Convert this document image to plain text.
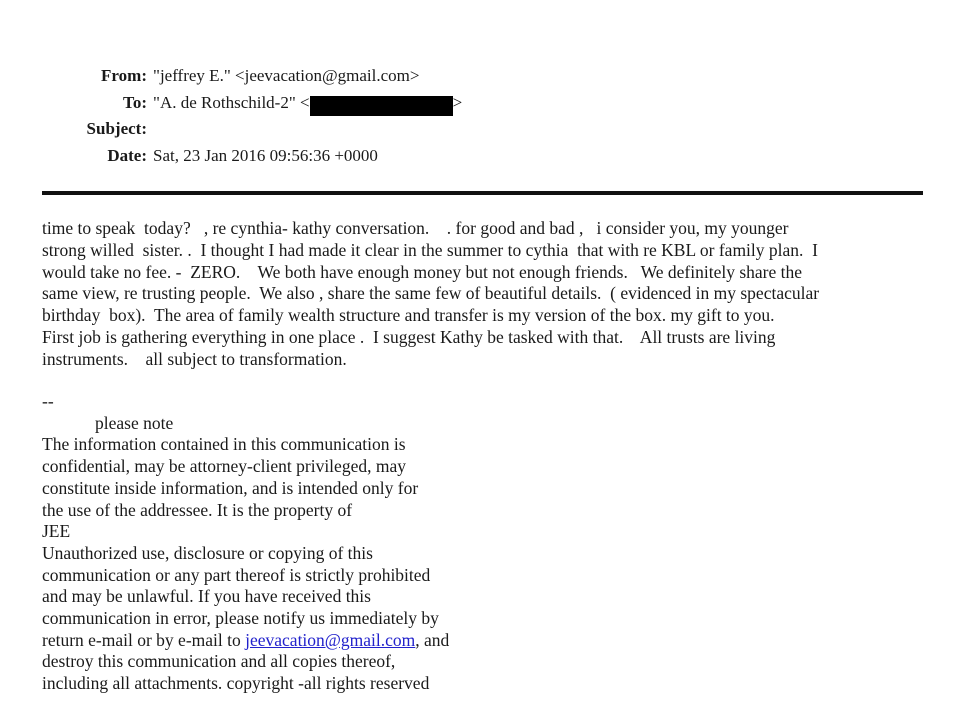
From: "jeffrey E." <jeevacation@gmail.com>
To: "A. de Rothschild-2" <	>
Subject:
Date: Sat, 23 Jan 2016 09:56:36 +0000
time to speak  today?   , re cynthia- kathy conversation.    . for good and bad ,   i consider you, my younger
strong willed  sister. .  I thought I had made it clear in the summer to cythia  that with re KBL or family plan.  I
would take no fee. -  ZERO.    We both have enough money but not enough friends.   We definitely share the
same view, re trusting people.  We also , share the same few of beautiful details.  ( evidenced in my spectacular
birthday  box).  The area of family wealth structure and transfer is my version of the box. my gift to you.
First job is gathering everything in one place .  I suggest Kathy be tasked with that.    All trusts are living
instruments.    all subject to transformation.
--
please note
The information contained in this communication is
confidential, may be attorney-client privileged, may
constitute inside information, and is intended only for
the use of the addressee. It is the property of
JEE
Unauthorized use, disclosure or copying of this
communication or any part thereof is strictly prohibited
and may be unlawful. If you have received this
communication in error, please notify us immediately by
return e-mail or by e-mail to jeevacation@gmail.com, and
destroy this communication and all copies thereof,
including all attachments. copyright -all rights reserved
